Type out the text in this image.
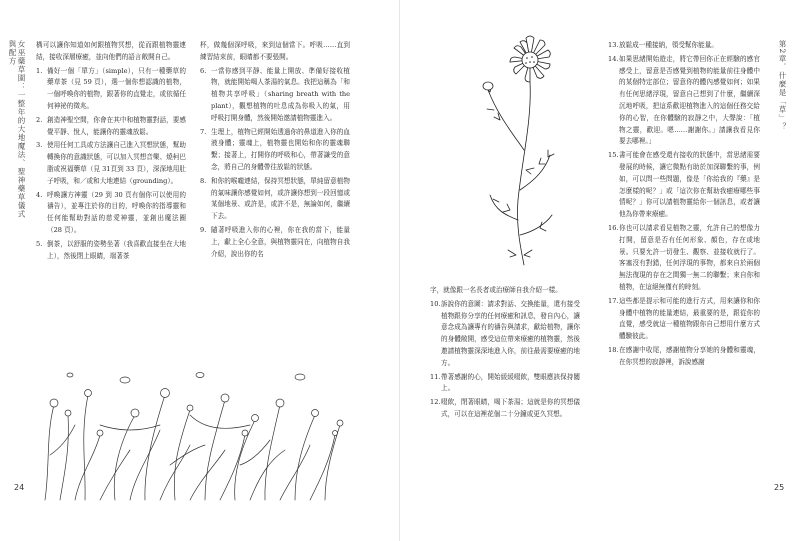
女巫藥草園：一整年的大地魔法、聖神藥草儀式與配方	構可以讓你知道如何跟植物冥想，從而跟植物靈連結，接收深層療癒，並向他們的語言敞開自己。

1. 備好一個「單方」（simple），只有一種藥草的藥草茶（見 59 頁），選一個你想認識的植物，一個呼喚你的植物，跟著你的直覺走，或依循任何神祕的徵兆。
2. 創造神聖空間，你會在其中和植物靈對話，要感覺平靜、悅人，能讓你的靈魂放鬆。
3. 使用任何工具或方法讓自己進入冥想狀態，幫助轉換你的意識狀態，可以加入冥想音樂、燒柯巴脂或祝福藥草（見 31頁到 33 頁），深深地用肚子呼吸，和／或和大地連結（grounding）。
4. 呼喚讓方神靈（29 到 30 頁有個你可以使用的禱告），並專注於你的目的，呼喚你的指導靈和任何能幫助對話的慈愛神靈，並創出魔法圈（28 頁）。
5. 倒茶，以舒服的姿勢坐著（我喜歡直接坐在大地上），然後閉上眼睛，端著茶

杯，做幾個深呼吸，來到這個當下。呼吸……直到練習結束前，眼睛都不要張開。

6. 一當你感到平靜、能量上開放、準備好接收植物，就能開始喝人茶湯的氣息。我把這稱為「和植物共享呼吸」（sharing breath with the plant），觀想植物的吐息成為你吸入的氣，用呼吸打開身體，然後開始邀請植物靈進入。
7. 生理上，植物已經開始透過你的鼻道進入你的血液身體；靈魂上，植物靈也開始和你的靈魂聯繫；接著上，打開你的呼吸和心，帶著謙受的意念，將自己的身體帶往放鬆的狀態。
8. 和你的喉嚨連結，保持冥想狀態，單純留意植物的氣味讓你感覺如何，或許讓你想到一段回憶或某個地景、或許是，或許不是，無論如何，繼續下去。
9. 隨著呼吸進入你的心裡，你在我的當下，能量上，獻上全心全意，與植物靈同在，向植物自我介紹，說出你的名
24

字，就像跟一名長者或治療師自我介紹一樣。

10. 訴說你的意圖：請求對話、交換能量，還有接受植物跟你分享的任何療癒和訊息，發自內心，讓意念成為讓專有的禱告與請求，獻給植物，讓你的身體敞開，感受這位帶來療癒的植物靈，然後邀請植物靈深深地進入你，前往最需要療癒的地方。
11. 帶著感謝的心，開始緩緩啜飲，雙眼應該保持闔上。
12. 啜飲，閉著眼睛，喝下茶湯；這就是你的冥想儀式，可以在這裡花個二十分鐘或更久冥想。
13. 放鬆成一種接納，領受幫你能量。
14. 如果思緒開始遊走，將它帶回你正在經驗的感官感受上，留意是否感覺到植物的能量前往身體中的某個特定部位；留意你的體內感覺如何；如果有任何思緒浮現，留意自己想到了什麼，繼續深沉地呼吸，把這系歡迎植物進入的這個任務交給你的心智，在你體驗的寂靜之中，大聲說：「植物之靈，歡迎。嗯……謝謝你。」請讓我看見你要去哪裡。」
15. 書可能會在感受還有接收的狀態中，當思緒需要發展的時候，讓它微點有助於加深聯繫的事，例如，可以問一些問題，像是「你給我的『藥』是怎麼樣的呢？」或「這次你在幫助我癒療哪些事情呢？」你可以請植物靈給你一個訊息，或者讓他為你帶來療癒。
16. 你也可以請求看見植物之靈，允許自己的想像力打開，留意是否有任何形象、顏色，存在或地景。只要允許一切發生、觀察、並接收就行了。客塞沒有對錯，任何浮現的事物，都來自於兩個無法復現的存在之間獨一無二的聯繫；來自你和植物，在這絕無僅有的時刻。
17. 這些都是提示和可能的進行方式，用來讓你和你身體中植物的能量連結，最重要的是，跟從你的直覺，感受就這一種植物跟你自己想用什麼方式體驗彼此。
18. 在感謝中收尾，感謝植物分享她的身體和靈魂，在你冥想的寂靜裡，訴說感謝
第2章．什麼是「草」？
25
